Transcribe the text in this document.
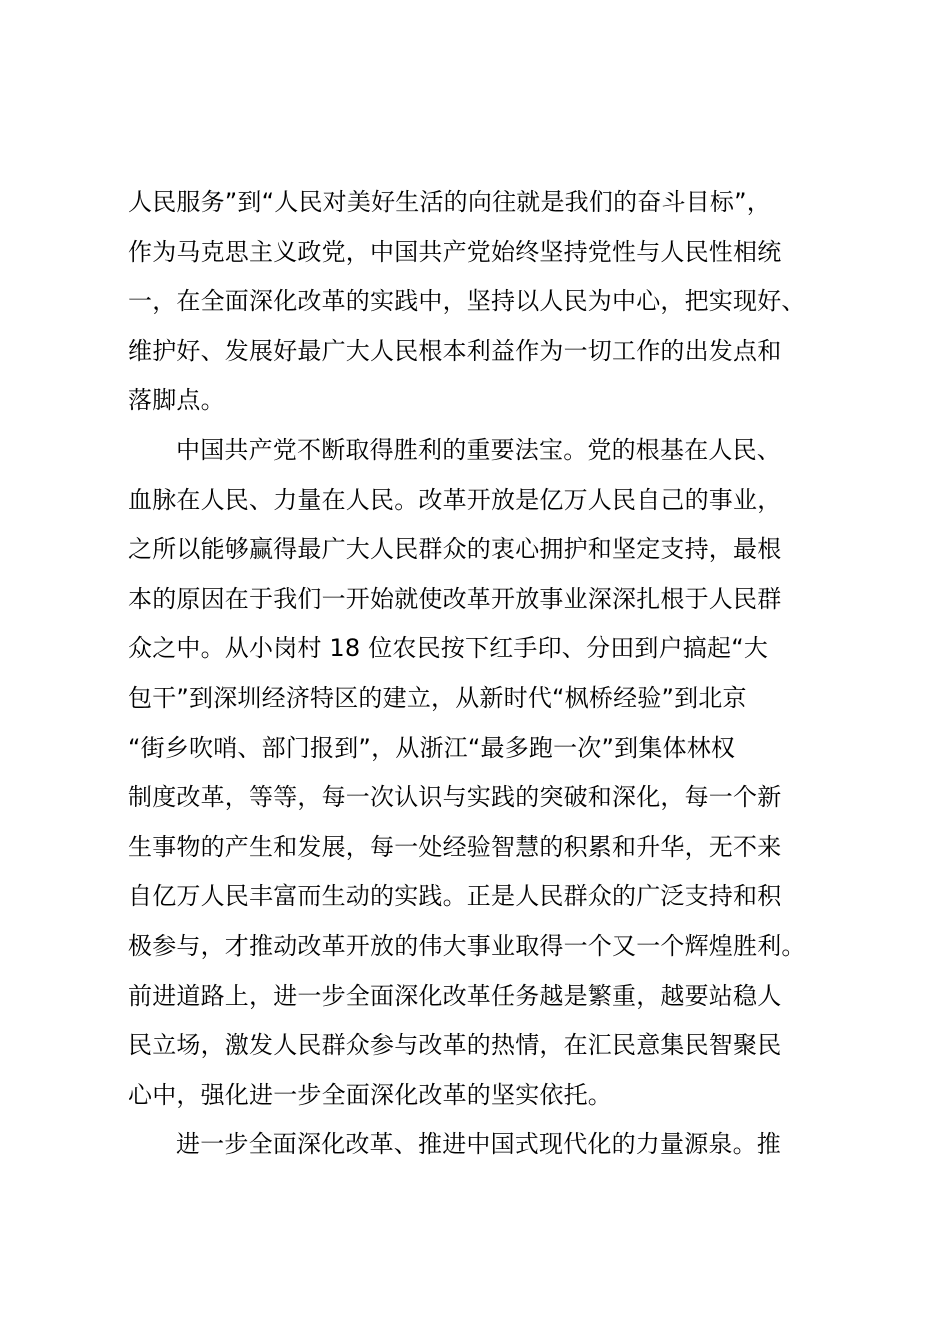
人民服务”到“人民对美好生活的向往就是我们的奋斗目标”，
作为马克思主义政党，中国共产党始终坚持党性与人民性相统
一，在全面深化改革的实践中，坚持以人民为中心，把实现好、
维护好、发展好最广大人民根本利益作为一切工作的出发点和
落脚点。
中国共产党不断取得胜利的重要法宝。党的根基在人民、
血脉在人民、力量在人民。改革开放是亿万人民自己的事业，
之所以能够赢得最广大人民群众的衷心拥护和坚定支持，最根
本的原因在于我们一开始就使改革开放事业深深扎根于人民群
众之中。从小岗村 18 位农民按下红手印、分田到户搞起“大
包干”到深圳经济特区的建立，从新时代“枫桥经验”到北京
“街乡吹哨、部门报到”，从浙江“最多跑一次”到集体林权
制度改革，等等，每一次认识与实践的突破和深化，每一个新
生事物的产生和发展，每一处经验智慧的积累和升华，无不来
自亿万人民丰富而生动的实践。正是人民群众的广泛支持和积
极参与，才推动改革开放的伟大事业取得一个又一个辉煌胜利。
前进道路上，进一步全面深化改革任务越是繁重，越要站稳人
民立场，激发人民群众参与改革的热情，在汇民意集民智聚民
心中，强化进一步全面深化改革的坚实依托。
进一步全面深化改革、推进中国式现代化的力量源泉。推
